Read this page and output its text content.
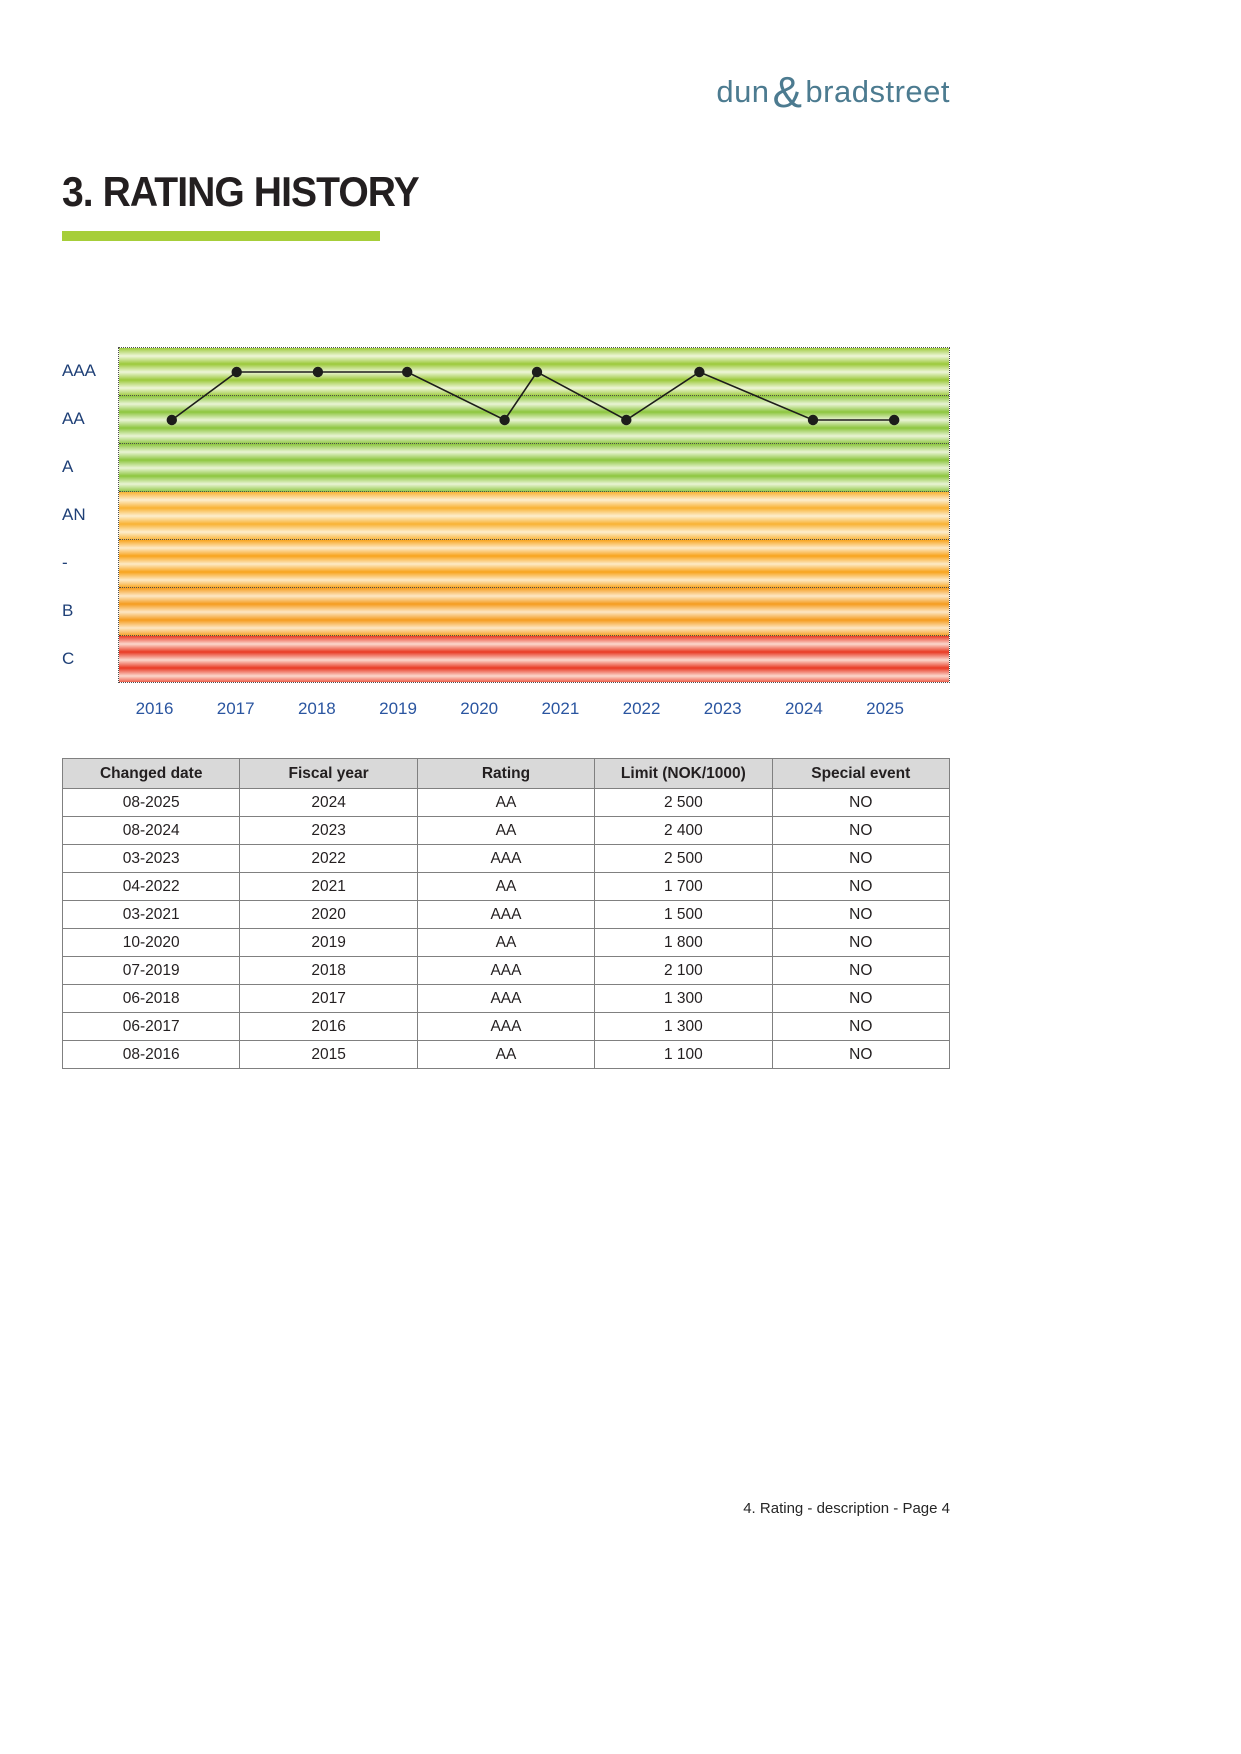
dun&bradstreet
3. RATING HISTORY
AAA
AA
A
AN
-
B
C
2016	2017	2018	2019	2020	2021	2022	2023	2024	2025
Changed date	Fiscal year	Rating	Limit (NOK/1000)	Special event
08-2025	2024	AA	2 500	NO
08-2024	2023	AA	2 400	NO
03-2023	2022	AAA	2 500	NO
04-2022	2021	AA	1 700	NO
03-2021	2020	AAA	1 500	NO
10-2020	2019	AA	1 800	NO
07-2019	2018	AAA	2 100	NO
06-2018	2017	AAA	1 300	NO
06-2017	2016	AAA	1 300	NO
08-2016	2015	AA	1 100	NO
4. Rating - description - Page 4
